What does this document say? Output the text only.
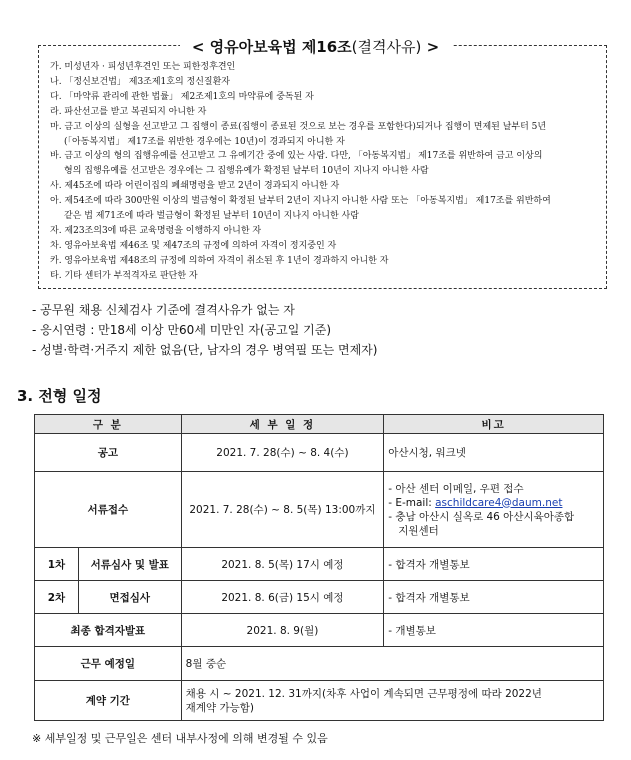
< 영유아보육법 제16조(결격사유) >
가. 미성년자 · 피성년후견인 또는 피한정후견인
나. 「정신보건법」 제3조제1호의 정신질환자
다. 「마약류 관리에 관한 법률」 제2조제1호의 마약류에 중독된 자
라. 파산선고를 받고 복권되지 아니한 자
마. 금고 이상의 실형을 선고받고 그 집행이 종료(집행이 종료된 것으로 보는 경우를 포함한다)되거나 집행이 면제된 날부터 5년
(「아동복지법」 제17조를 위반한 경우에는 10년)이 경과되지 아니한 자
바. 금고 이상의 형의 집행유예를 선고받고 그 유예기간 중에 있는 사람. 다만, 「아동복지법」 제17조를 위반하여 금고 이상의
형의 집행유예를 선고받은 경우에는 그 집행유예가 확정된 날부터 10년이 지나지 아니한 사람
사. 제45조에 따라 어린이집의 폐쇄명령을 받고 2년이 경과되지 아니한 자
아. 제54조에 따라 300만원 이상의 벌금형이 확정된 날부터 2년이 지나지 아니한 사람 또는 「아동복지법」 제17조를 위반하여
같은 법 제71조에 따라 벌금형이 확정된 날부터 10년이 지나지 아니한 사람
자. 제23조의3에 따른 교육명령을 이행하지 아니한 자
차. 영유아보육법 제46조 및 제47조의 규정에 의하여 자격이 정지중인 자
카. 영유아보육법 제48조의 규정에 의하여 자격이 취소된 후 1년이 경과하지 아니한 자
타. 기타 센터가 부적격자로 판단한 자
- 공무원 채용 신체검사 기준에 결격사유가 없는 자
- 응시연령 : 만18세 이상 만60세 미만인 자(공고일 기준)
- 성별·학력·거주지 제한 없음(단, 남자의 경우 병역필 또는 면제자)
3. 전형 일정
구 분		세 부 일 정	비고
공고		2021. 7. 28(수) ~ 8. 4(수)	아산시청, 워크넷
서류접수		2021. 7. 28(수) ~ 8. 5(목) 13:00까지	- 아산 센터 이메일, 우편 접수
- E-mail: aschildcare4@daum.net
- 충남 아산시 실옥로 46 아산시육아종합
지원센터

1차	서류심사 및 발표	2021. 8. 5(목) 17시 예정	- 합격자 개별통보
2차	면접심사	2021. 8. 6(금) 15시 예정	- 합격자 개별통보
최종 합격자발표		2021. 8. 9(월)	- 개별통보
근무 예정일		8월 중순	
계약 기간		채용 시 ~ 2021. 12. 31까지(차후 사업이 계속되면 근무평정에 따라 2022년
재계약 가능함)	
※ 세부일정 및 근무일은 센터 내부사정에 의해 변경될 수 있음
